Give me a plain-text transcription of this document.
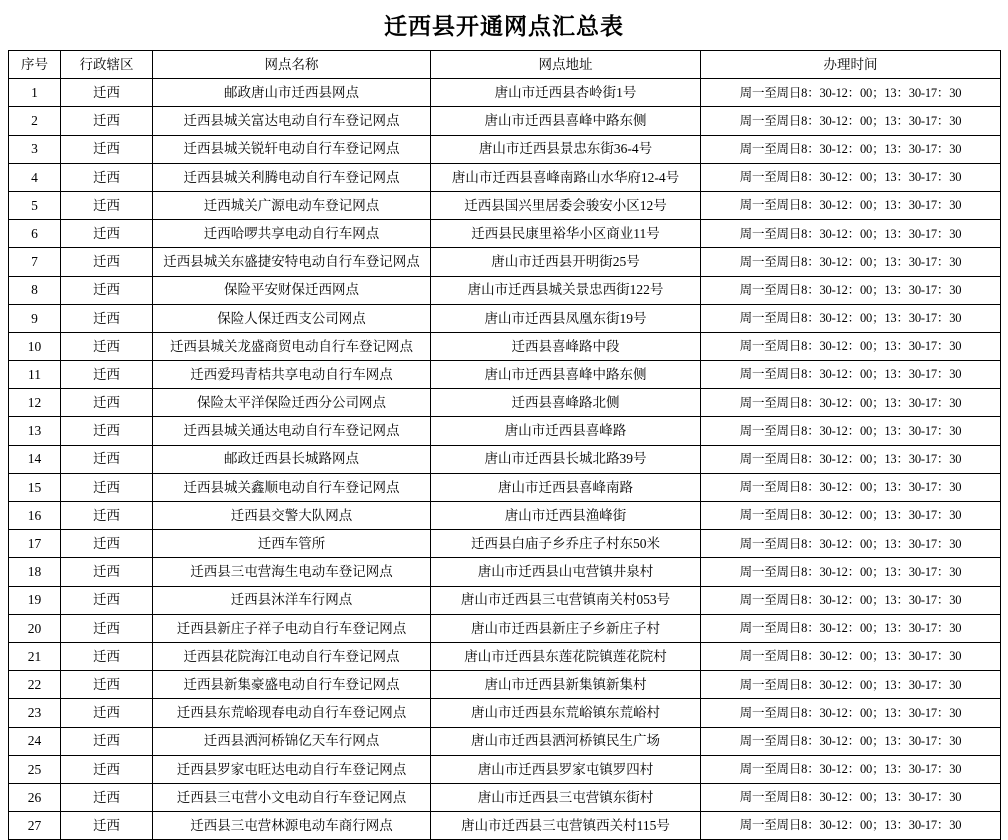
迁西县开通网点汇总表
序号	行政辖区	网点名称	网点地址	办理时间
1	迁西	邮政唐山市迁西县网点	唐山市迁西县杏岭街1号	周一至周日8：30-12：00；13：30-17：30
2	迁西	迁西县城关富达电动自行车登记网点	唐山市迁西县喜峰中路东侧	周一至周日8：30-12：00；13：30-17：30
3	迁西	迁西县城关锐轩电动自行车登记网点	唐山市迁西县景忠东街36-4号	周一至周日8：30-12：00；13：30-17：30
4	迁西	迁西县城关利腾电动自行车登记网点	唐山市迁西县喜峰南路山水华府12-4号	周一至周日8：30-12：00；13：30-17：30
5	迁西	迁西城关广源电动车登记网点	迁西县国兴里居委会骏安小区12号	周一至周日8：30-12：00；13：30-17：30
6	迁西	迁西哈啰共享电动自行车网点	迁西县民康里裕华小区商业11号	周一至周日8：30-12：00；13：30-17：30
7	迁西	迁西县城关东盛捷安特电动自行车登记网点	唐山市迁西县开明街25号	周一至周日8：30-12：00；13：30-17：30
8	迁西	保险平安财保迁西网点	唐山市迁西县城关景忠西街122号	周一至周日8：30-12：00；13：30-17：30
9	迁西	保险人保迁西支公司网点	唐山市迁西县凤凰东街19号	周一至周日8：30-12：00；13：30-17：30
10	迁西	迁西县城关龙盛商贸电动自行车登记网点	迁西县喜峰路中段	周一至周日8：30-12：00；13：30-17：30
11	迁西	迁西爱玛青桔共享电动自行车网点	唐山市迁西县喜峰中路东侧	周一至周日8：30-12：00；13：30-17：30
12	迁西	保险太平洋保险迁西分公司网点	迁西县喜峰路北侧	周一至周日8：30-12：00；13：30-17：30
13	迁西	迁西县城关通达电动自行车登记网点	唐山市迁西县喜峰路	周一至周日8：30-12：00；13：30-17：30
14	迁西	邮政迁西县长城路网点	唐山市迁西县长城北路39号	周一至周日8：30-12：00；13：30-17：30
15	迁西	迁西县城关鑫顺电动自行车登记网点	唐山市迁西县喜峰南路	周一至周日8：30-12：00；13：30-17：30
16	迁西	迁西县交警大队网点	唐山市迁西县渔峰街	周一至周日8：30-12：00；13：30-17：30
17	迁西	迁西车管所	迁西县白庙子乡乔庄子村东50米	周一至周日8：30-12：00；13：30-17：30
18	迁西	迁西县三屯营海生电动车登记网点	唐山市迁西县山屯营镇井泉村	周一至周日8：30-12：00；13：30-17：30
19	迁西	迁西县沐洋车行网点	唐山市迁西县三屯营镇南关村053号	周一至周日8：30-12：00；13：30-17：30
20	迁西	迁西县新庄子祥子电动自行车登记网点	唐山市迁西县新庄子乡新庄子村	周一至周日8：30-12：00；13：30-17：30
21	迁西	迁西县花院海江电动自行车登记网点	唐山市迁西县东莲花院镇莲花院村	周一至周日8：30-12：00；13：30-17：30
22	迁西	迁西县新集豪盛电动自行车登记网点	唐山市迁西县新集镇新集村	周一至周日8：30-12：00；13：30-17：30
23	迁西	迁西县东荒峪现春电动自行车登记网点	唐山市迁西县东荒峪镇东荒峪村	周一至周日8：30-12：00；13：30-17：30
24	迁西	迁西县洒河桥锦亿天车行网点	唐山市迁西县洒河桥镇民生广场	周一至周日8：30-12：00；13：30-17：30
25	迁西	迁西县罗家屯旺达电动自行车登记网点	唐山市迁西县罗家屯镇罗四村	周一至周日8：30-12：00；13：30-17：30
26	迁西	迁西县三屯营小文电动自行车登记网点	唐山市迁西县三屯营镇东街村	周一至周日8：30-12：00；13：30-17：30
27	迁西	迁西县三屯营林源电动车商行网点	唐山市迁西县三屯营镇西关村115号	周一至周日8：30-12：00；13：30-17：30
